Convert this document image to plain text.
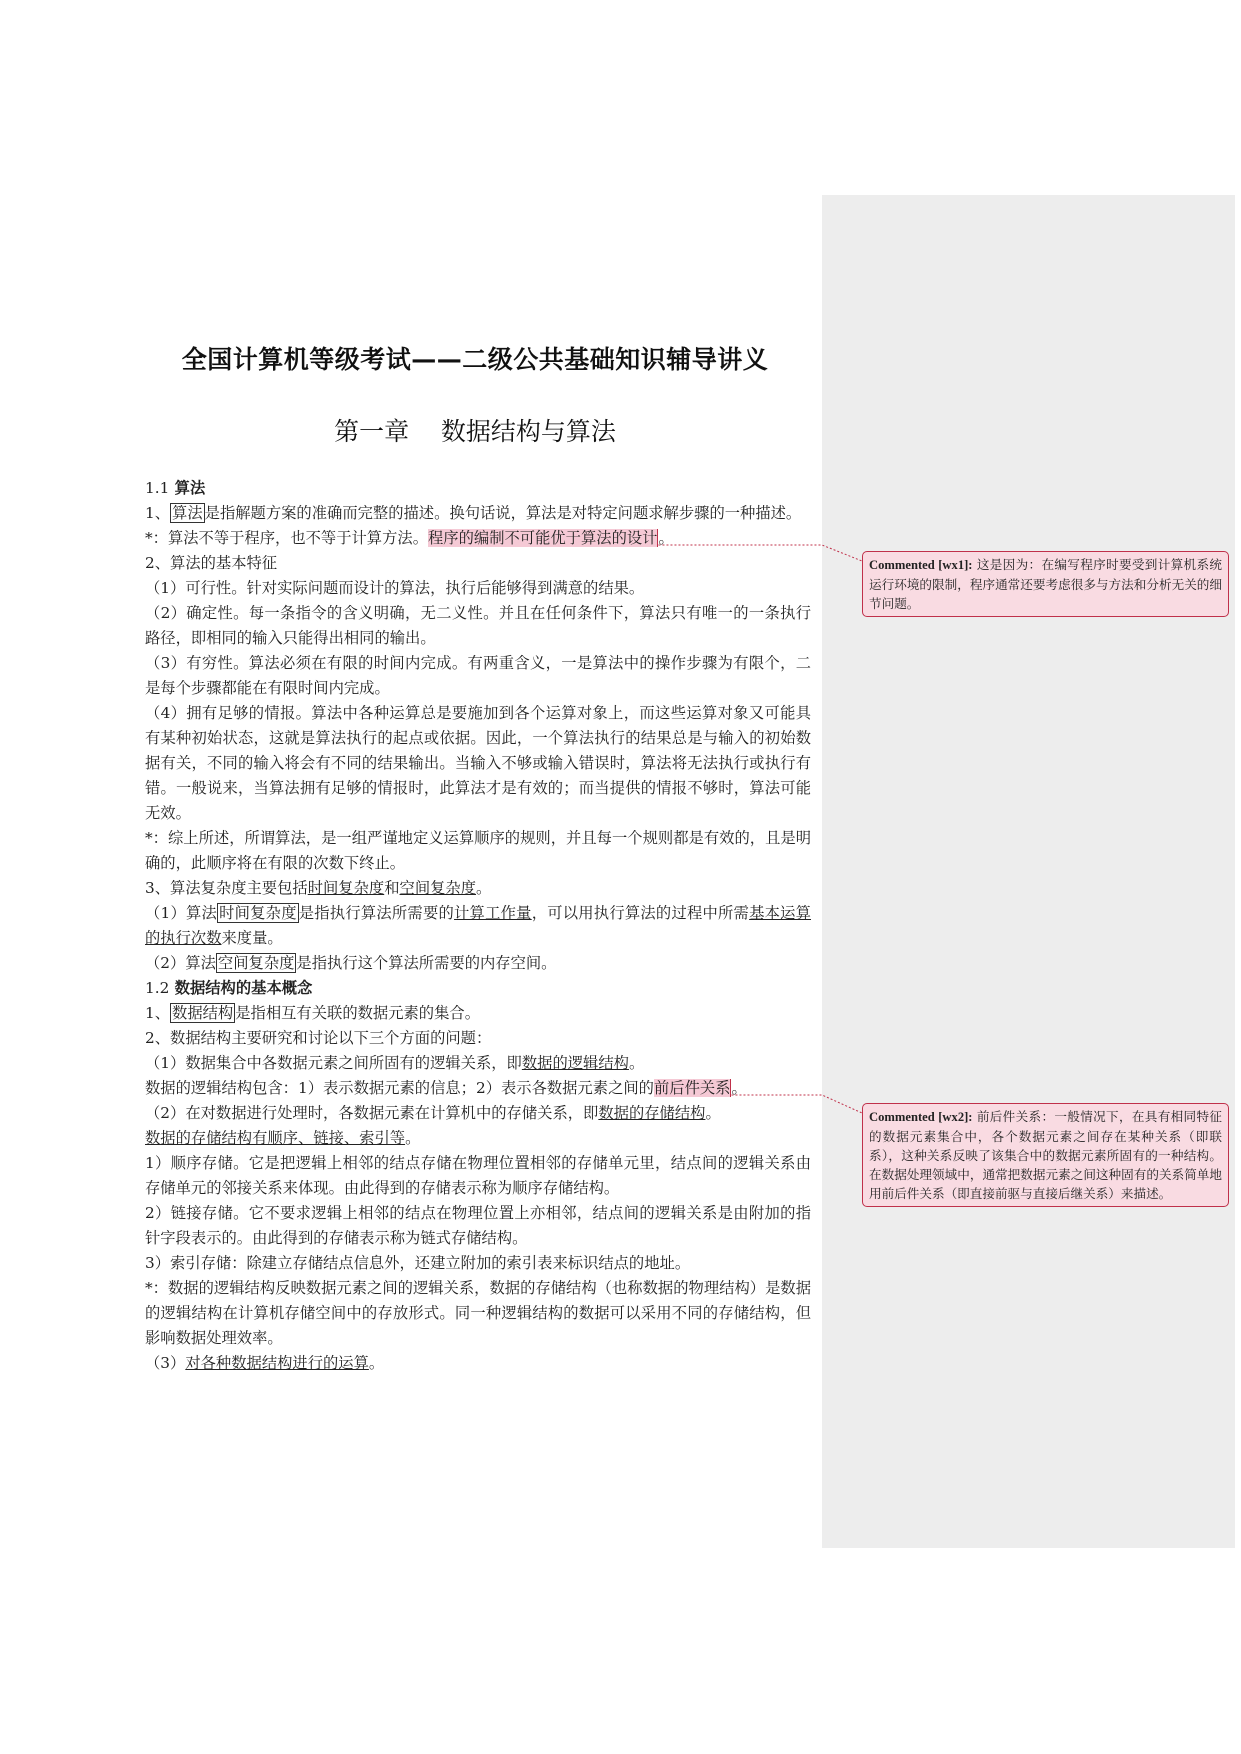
全国计算机等级考试——二级公共基础知识辅导讲义
第一章    数据结构与算法

1.1 算法

1、 算法 是指解题方案的准确而完整的描述。换句话说，算法是对特定问题求解步骤的一种描述。

*：算法不等于程序，也不等于计算方法。程序的编制不可能优于算法的设计。

2、算法的基本特征

（1）可行性。针对实际问题而设计的算法，执行后能够得到满意的结果。

（2）确定性。每一条指令的含义明确，无二义性。并且在任何条件下，算法只有唯一的一条执行路径，即相同的输入只能得出相同的输出。

（3）有穷性。算法必须在有限的时间内完成。有两重含义，一是算法中的操作步骤为有限个，二是每个步骤都能在有限时间内完成。

（4）拥有足够的情报。算法中各种运算总是要施加到各个运算对象上，而这些运算对象又可能具有某种初始状态，这就是算法执行的起点或依据。因此，一个算法执行的结果总是与输入的初始数据有关，不同的输入将会有不同的结果输出。当输入不够或输入错误时，算法将无法执行或执行有错。一般说来，当算法拥有足够的情报时，此算法才是有效的；而当提供的情报不够时，算法可能无效。

*：综上所述，所谓算法，是一组严谨地定义运算顺序的规则，并且每一个规则都是有效的，且是明确的，此顺序将在有限的次数下终止。

3、算法复杂度主要包括时间复杂度和空间复杂度。

（1）算法 时间复杂度 是指执行算法所需要的计算工作量，可以用执行算法的过程中所需基本运算的执行次数来度量。

（2）算法 空间复杂度 是指执行这个算法所需要的内存空间。

1.2 数据结构的基本概念

1、 数据结构 是指相互有关联的数据元素的集合。

2、数据结构主要研究和讨论以下三个方面的问题：

（1）数据集合中各数据元素之间所固有的逻辑关系，即数据的逻辑结构。

数据的逻辑结构包含：1）表示数据元素的信息；2）表示各数据元素之间的前后件关系。

（2）在对数据进行处理时，各数据元素在计算机中的存储关系，即数据的存储结构。

数据的存储结构有顺序、链接、索引等。

1）顺序存储。它是把逻辑上相邻的结点存储在物理位置相邻的存储单元里，结点间的逻辑关系由存储单元的邻接关系来体现。由此得到的存储表示称为顺序存储结构。

2）链接存储。它不要求逻辑上相邻的结点在物理位置上亦相邻，结点间的逻辑关系是由附加的指针字段表示的。由此得到的存储表示称为链式存储结构。

3）索引存储：除建立存储结点信息外，还建立附加的索引表来标识结点的地址。

*：数据的逻辑结构反映数据元素之间的逻辑关系，数据的存储结构（也称数据的物理结构）是数据的逻辑结构在计算机存储空间中的存放形式。同一种逻辑结构的数据可以采用不同的存储结构，但影响数据处理效率。

（3）对各种数据结构进行的运算。

Commented [wx1]: 这是因为：在编写程序时要受到计算机系统运行环境的限制，程序通常还要考虑很多与方法和分析无关的细节问题。
Commented [wx2]: 前后件关系：一般情况下，在具有相同特征的数据元素集合中，各个数据元素之间存在某种关系（即联系），这种关系反映了该集合中的数据元素所固有的一种结构。在数据处理领域中，通常把数据元素之间这种固有的关系简单地用前后件关系（即直接前驱与直接后继关系）来描述。
